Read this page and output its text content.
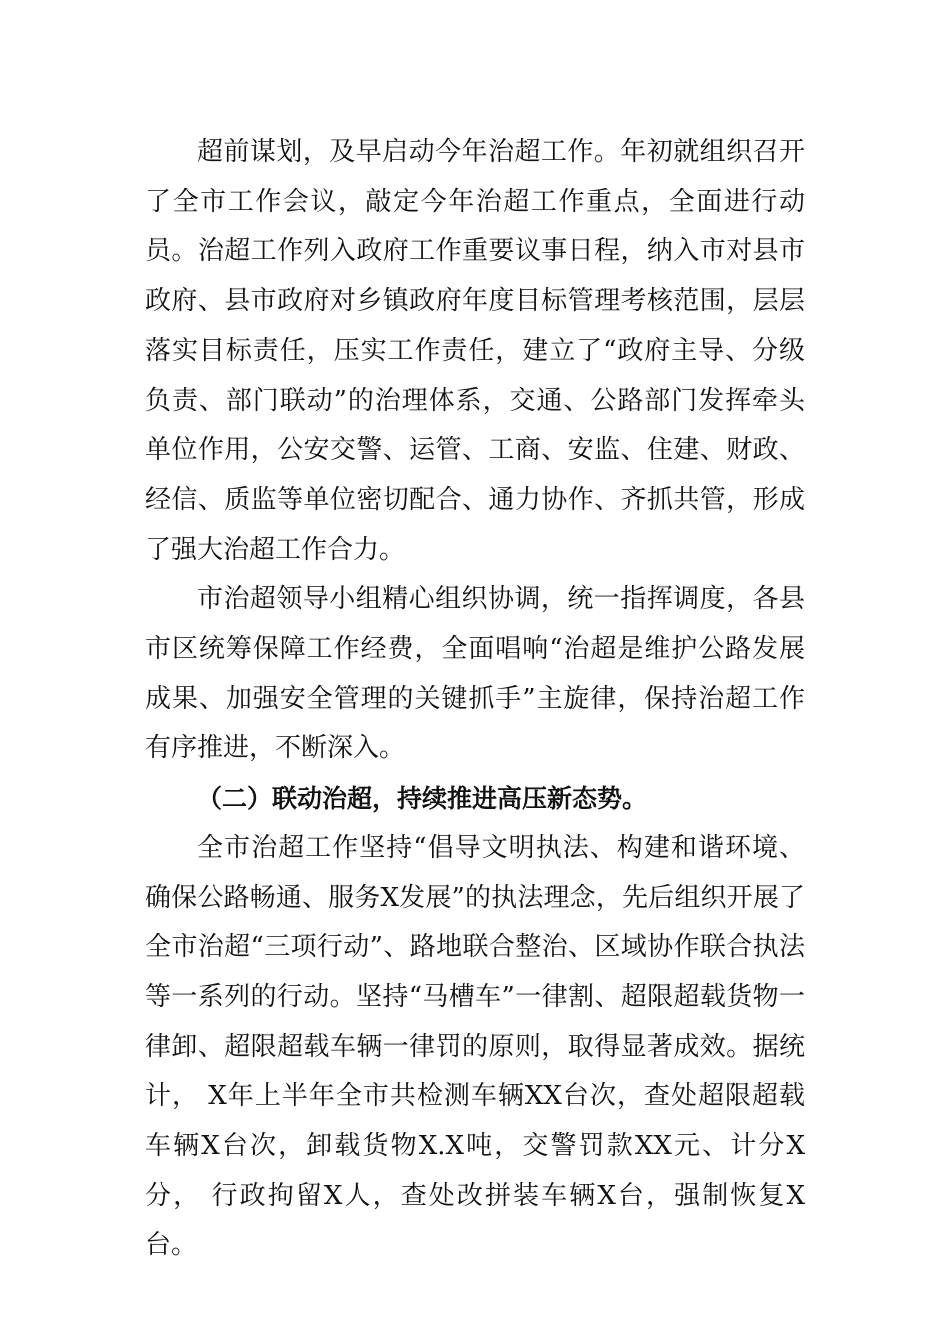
超前谋划，及早启动今年治超工作。年初就组织召开了全市工作会议，敲定今年治超工作重点，全面进行动员。治超工作列入政府工作重要议事日程，纳入市对县市政府、县市政府对乡镇政府年度目标管理考核范围，层层落实目标责任，压实工作责任，建立了“政府主导、分级负责、部门联动”的治理体系，交通、公路部门发挥牵头单位作用，公安交警、运管、工商、安监、住建、财政、经信、质监等单位密切配合、通力协作、齐抓共管，形成了强大治超工作合力。

市治超领导小组精心组织协调，统一指挥调度，各县市区统筹保障工作经费，全面唱响“治超是维护公路发展成果、加强安全管理的关键抓手”主旋律，保持治超工作有序推进，不断深入。

（二）联动治超，持续推进高压新态势。

全市治超工作坚持“倡导文明执法、构建和谐环境、确保公路畅通、服务X发展”的执法理念，先后组织开展了全市治超“三项行动”、路地联合整治、区域协作联合执法等一系列的行动。坚持“马槽车”一律割、超限超载货物一律卸、超限超载车辆一律罚的原则，取得显著成效。据统计， X年上半年全市共检测车辆XX台次，查处超限超载车辆X台次，卸载货物X.X吨，交警罚款XX元、计分X分， 行政拘留X人，查处改拼装车辆X台，强制恢复X台。
